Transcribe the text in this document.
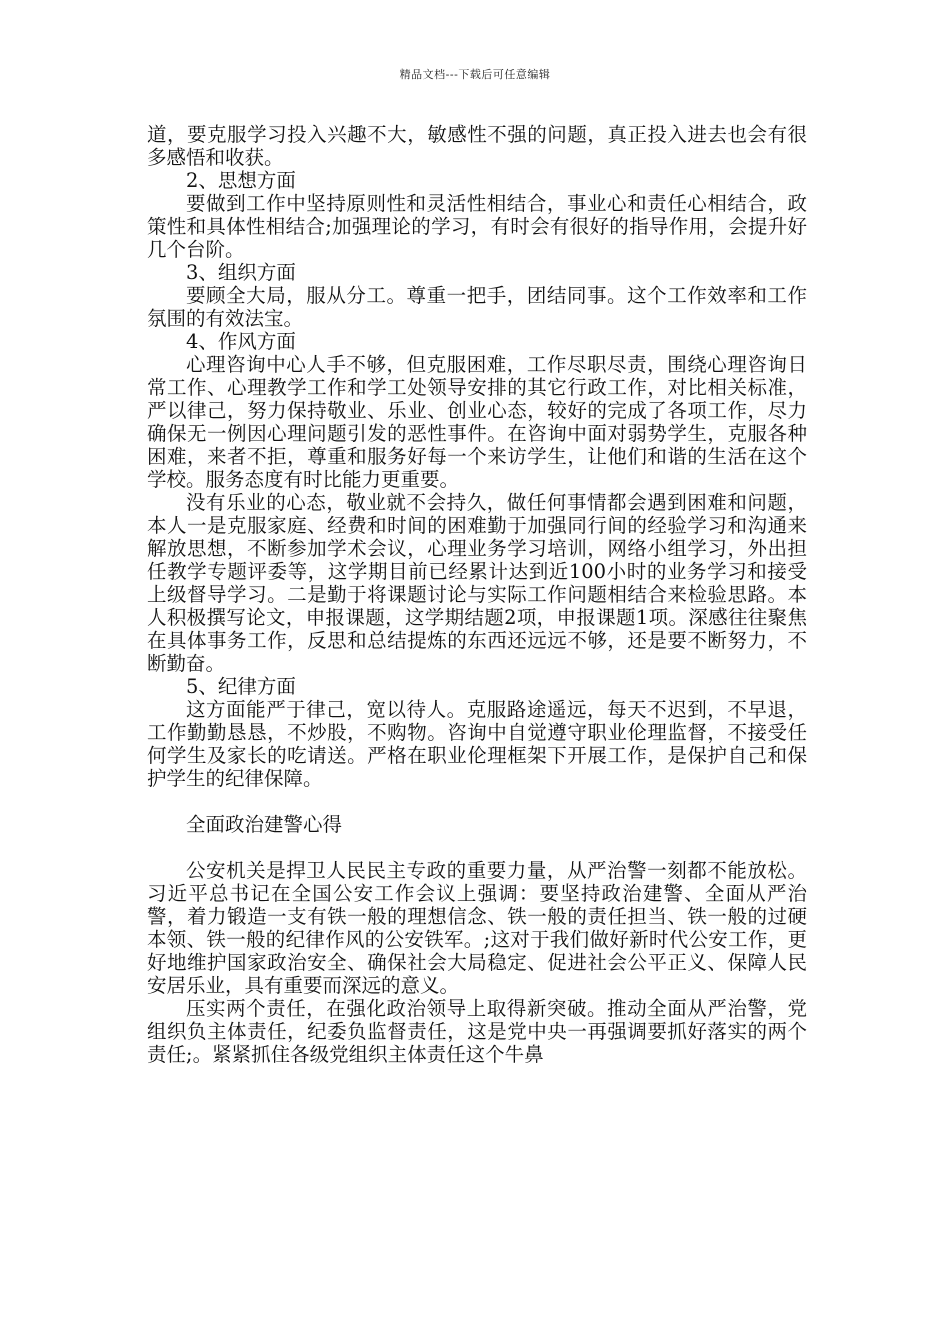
精品文档---下载后可任意编辑

道，要克服学习投入兴趣不大，敏感性不强的问题，真正投入进去也会有很多感悟和收获。

2、思想方面

要做到工作中坚持原则性和灵活性相结合，事业心和责任心相结合，政策性和具体性相结合;加强理论的学习，有时会有很好的指导作用，会提升好几个台阶。

3、组织方面

要顾全大局，服从分工。尊重一把手，团结同事。这个工作效率和工作氛围的有效法宝。

4、作风方面

心理咨询中心人手不够，但克服困难，工作尽职尽责，围绕心理咨询日常工作、心理教学工作和学工处领导安排的其它行政工作，对比相关标准，严以律己，努力保持敬业、乐业、创业心态，较好的完成了各项工作，尽力确保无一例因心理问题引发的恶性事件。在咨询中面对弱势学生，克服各种困难，来者不拒，尊重和服务好每一个来访学生，让他们和谐的生活在这个学校。服务态度有时比能力更重要。

没有乐业的心态，敬业就不会持久，做任何事情都会遇到困难和问题，本人一是克服家庭、经费和时间的困难勤于加强同行间的经验学习和沟通来解放思想，不断参加学术会议，心理业务学习培训，网络小组学习，外出担任教学专题评委等，这学期目前已经累计达到近100小时的业务学习和接受上级督导学习。二是勤于将课题讨论与实际工作问题相结合来检验思路。本人积极撰写论文，申报课题，这学期结题2项，申报课题1项。深感往往聚焦在具体事务工作，反思和总结提炼的东西还远远不够，还是要不断努力，不断勤奋。

5、纪律方面

这方面能严于律己，宽以待人。克服路途遥远，每天不迟到，不早退，工作勤勤恳恳，不炒股，不购物。咨询中自觉遵守职业伦理监督，不接受任何学生及家长的吃请送。严格在职业伦理框架下开展工作，是保护自己和保护学生的纪律保障。

全面政治建警心得

公安机关是捍卫人民民主专政的重要力量，从严治警一刻都不能放松。习近平总书记在全国公安工作会议上强调：要坚持政治建警、全面从严治警，着力锻造一支有铁一般的理想信念、铁一般的责任担当、铁一般的过硬本领、铁一般的纪律作风的公安铁军。;这对于我们做好新时代公安工作，更好地维护国家政治安全、确保社会大局稳定、促进社会公平正义、保障人民安居乐业，具有重要而深远的意义。

压实两个责任，在强化政治领导上取得新突破。推动全面从严治警，党组织负主体责任，纪委负监督责任，这是党中央一再强调要抓好落实的两个责任;。紧紧抓住各级党组织主体责任这个牛鼻
